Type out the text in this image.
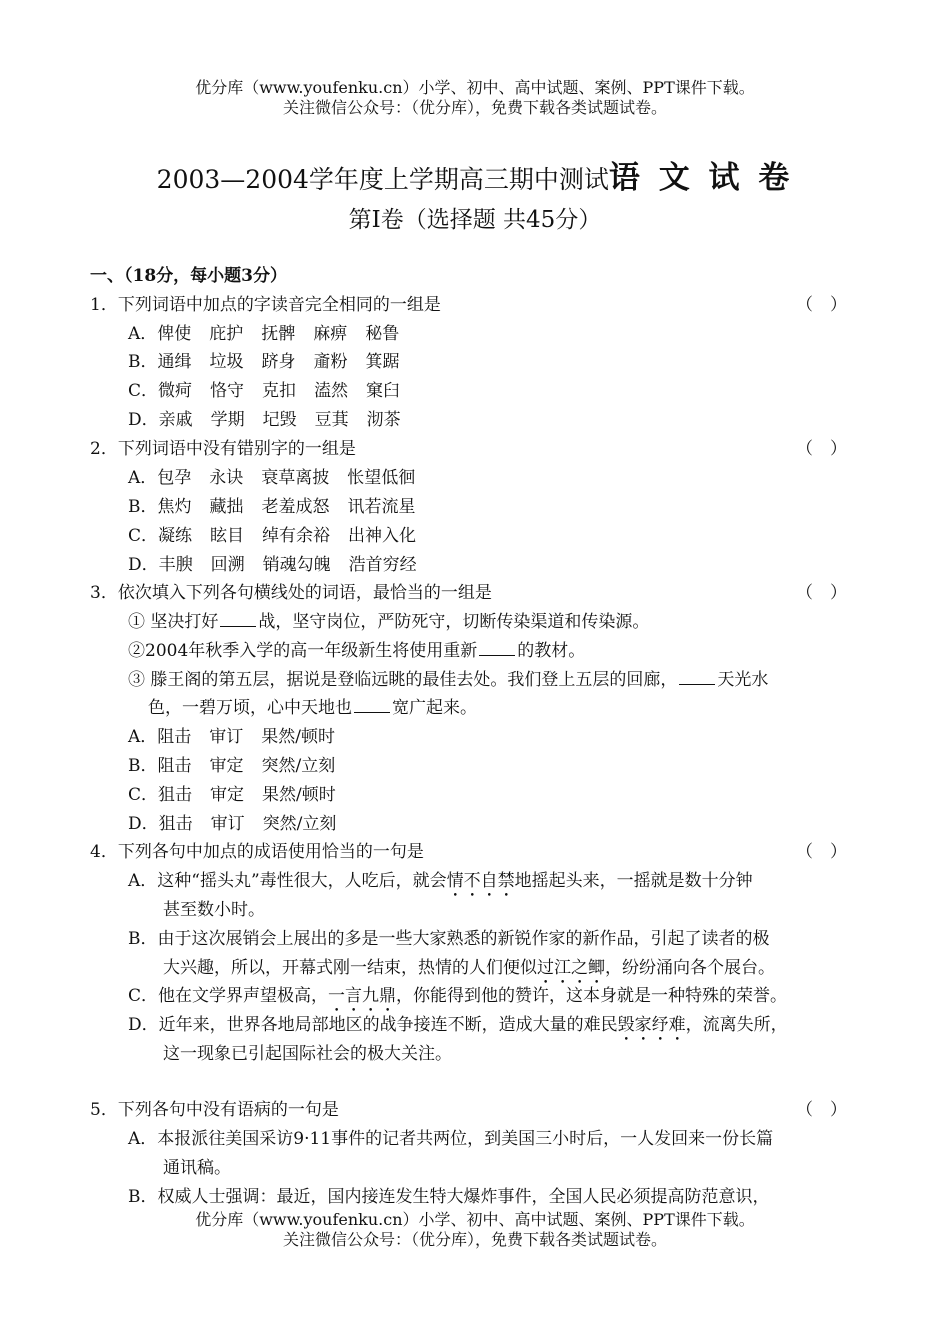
优分库（www.youfenku.cn）小学、初中、高中试题、案例、PPT课件下载。
关注微信公众号：（优分库），免费下载各类试题试卷。
2003—2004学年度上学期高三期中测试语 文 试 卷
第Ⅰ卷（选择题 共45分）
一、（18分，每小题3分）
1．下列词语中加点的字读音完全相同的一组是	（　）
A．俾使 庇护 抚髀 麻痹 秘鲁
B．通缉 垃圾 跻身 齑粉 箕踞
C．微疴 恪守 克扣 溘然 窠臼
D．亲戚 学期 圮毁 豆萁 沏茶
2．下列词语中没有错别字的一组是	（　）
A．包孕 永诀 衰草离披 怅望低徊
B．焦灼 藏拙 老羞成怒 讯若流星
C．凝练 眩目 绰有余裕 出神入化
D．丰腴 回溯 销魂勾魄 浩首穷经
3．依次填入下列各句横线处的词语，最恰当的一组是	（　）
① 坚决打好 战，坚守岗位，严防死守，切断传染渠道和传染源。
②2004年秋季入学的高一年级新生将使用重新 的教材。
③ 滕王阁的第五层，据说是登临远眺的最佳去处。我们登上五层的回廊， 天光水
色，一碧万顷，心中天地也 宽广起来。
A．阻击 审订 果然/顿时
B．阻击 审定 突然/立刻
C．狙击 审定 果然/顿时
D．狙击 审订 突然/立刻
4．下列各句中加点的成语使用恰当的一句是	（　）
A．这种“摇头丸”毒性很大，人吃后，就会情不自禁地摇起头来，一摇就是数十分钟
甚至数小时。
B．由于这次展销会上展出的多是一些大家熟悉的新锐作家的新作品，引起了读者的极
大兴趣，所以，开幕式刚一结束，热情的人们便似过江之鲫，纷纷涌向各个展台。
C．他在文学界声望极高，一言九鼎，你能得到他的赞许，这本身就是一种特殊的荣誉。
D．近年来，世界各地局部地区的战争接连不断，造成大量的难民毁家纾难，流离失所，
这一现象已引起国际社会的极大关注。
5．下列各句中没有语病的一句是	（　）
A．本报派往美国采访9·11事件的记者共两位，到美国三小时后，一人发回来一份长篇
通讯稿。
B．权威人士强调：最近，国内接连发生特大爆炸事件，全国人民必须提高防范意识，
优分库（www.youfenku.cn）小学、初中、高中试题、案例、PPT课件下载。
关注微信公众号：（优分库），免费下载各类试题试卷。
